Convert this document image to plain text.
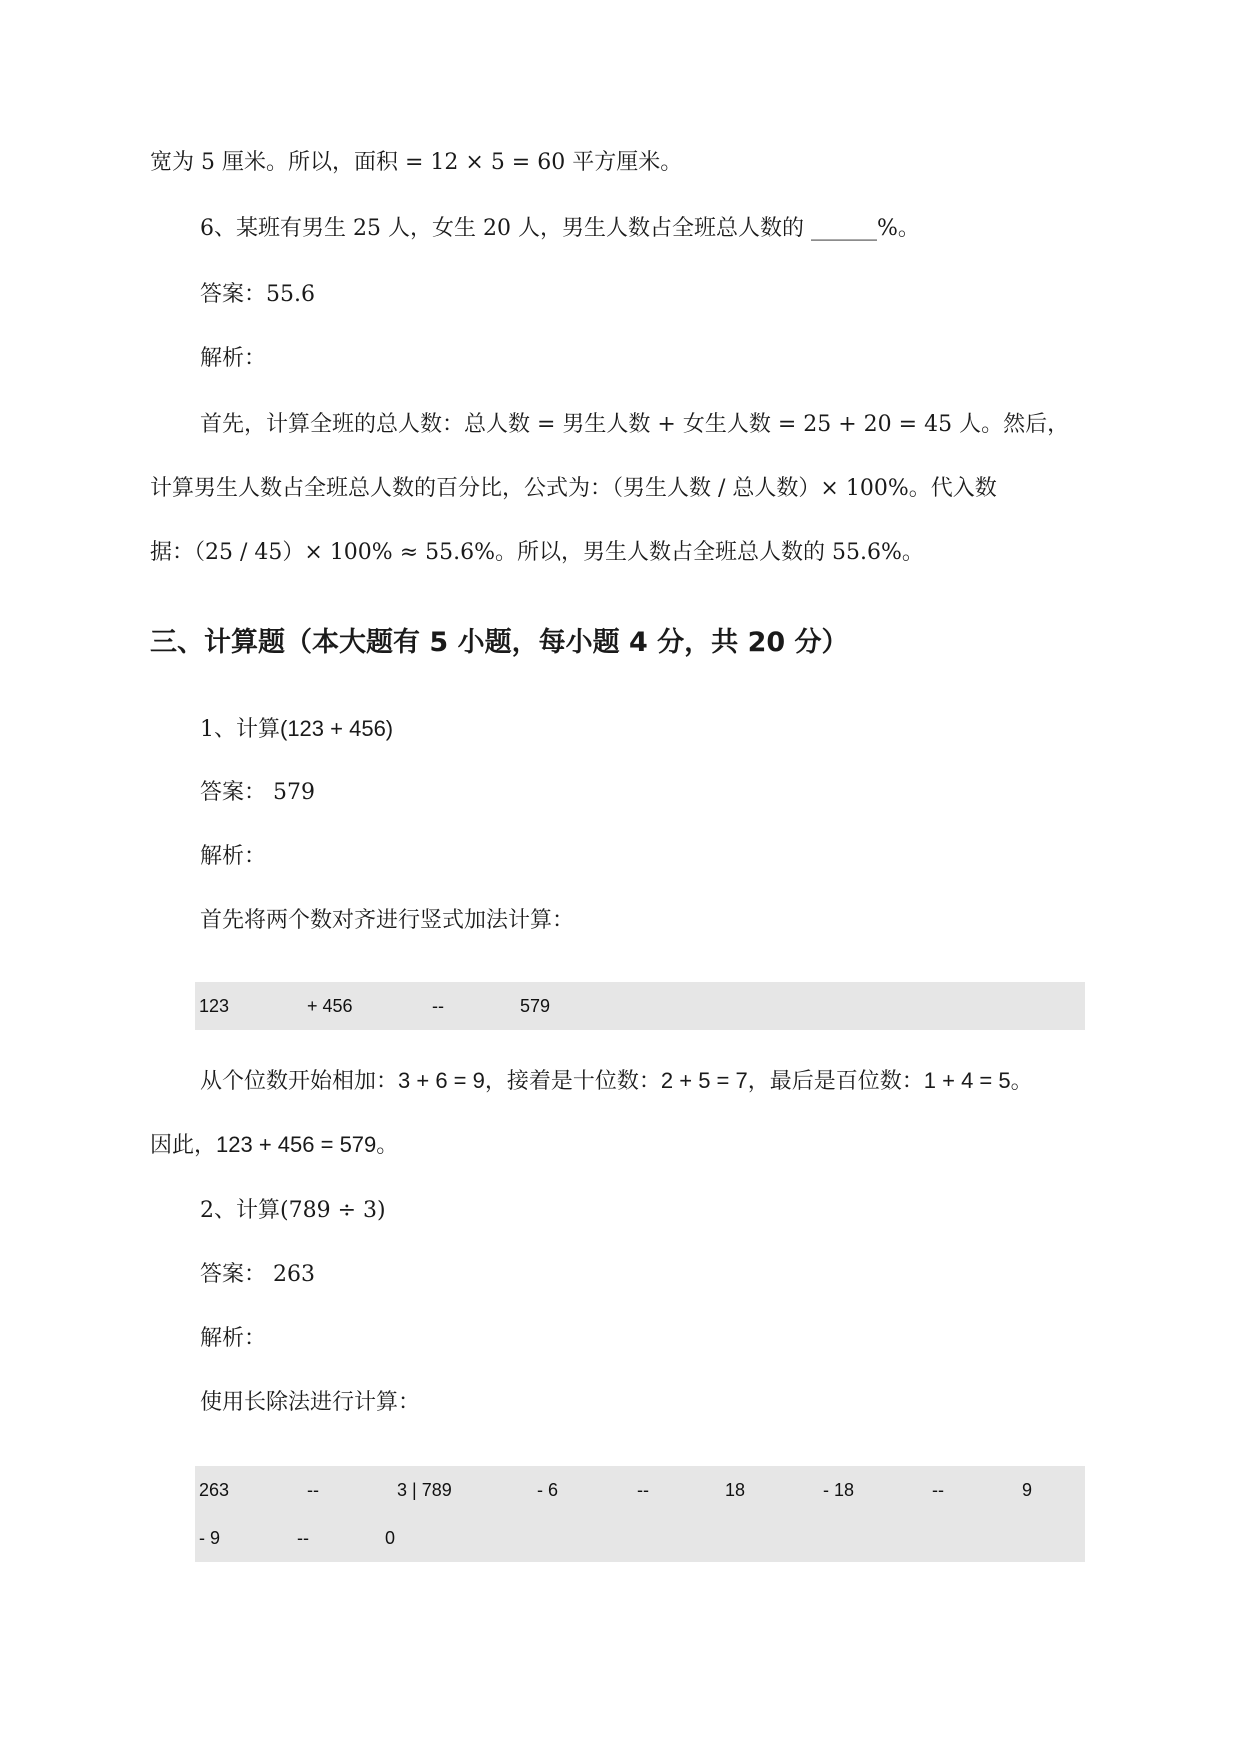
宽为 5 厘米。所以，面积 = 12 × 5 = 60 平方厘米。
6、某班有男生 25 人，女生 20 人，男生人数占全班总人数的 ______%。
答案：55.6
解析：
首先，计算全班的总人数：总人数 = 男生人数 + 女生人数 = 25 + 20 = 45 人。然后，
计算男生人数占全班总人数的百分比，公式为：（男生人数 / 总人数）× 100%。代入数
据：（25 / 45）× 100% ≈ 55.6%。所以，男生人数占全班总人数的 55.6%。
三、计算题（本大题有 5 小题，每小题 4 分，共 20 分）
1、计算(123 + 456)
答案： 579
解析：
首先将两个数对齐进行竖式加法计算：
123	+ 456	--	579
从个位数开始相加：3 + 6 = 9，接着是十位数：2 + 5 = 7，最后是百位数：1 + 4 = 5。
因此，123 + 456 = 579。
2、计算(789 ÷ 3)
答案： 263
解析：
使用长除法进行计算：
263	--	3 | 789	- 6	--	18	- 18	--	9
- 9	--	0
